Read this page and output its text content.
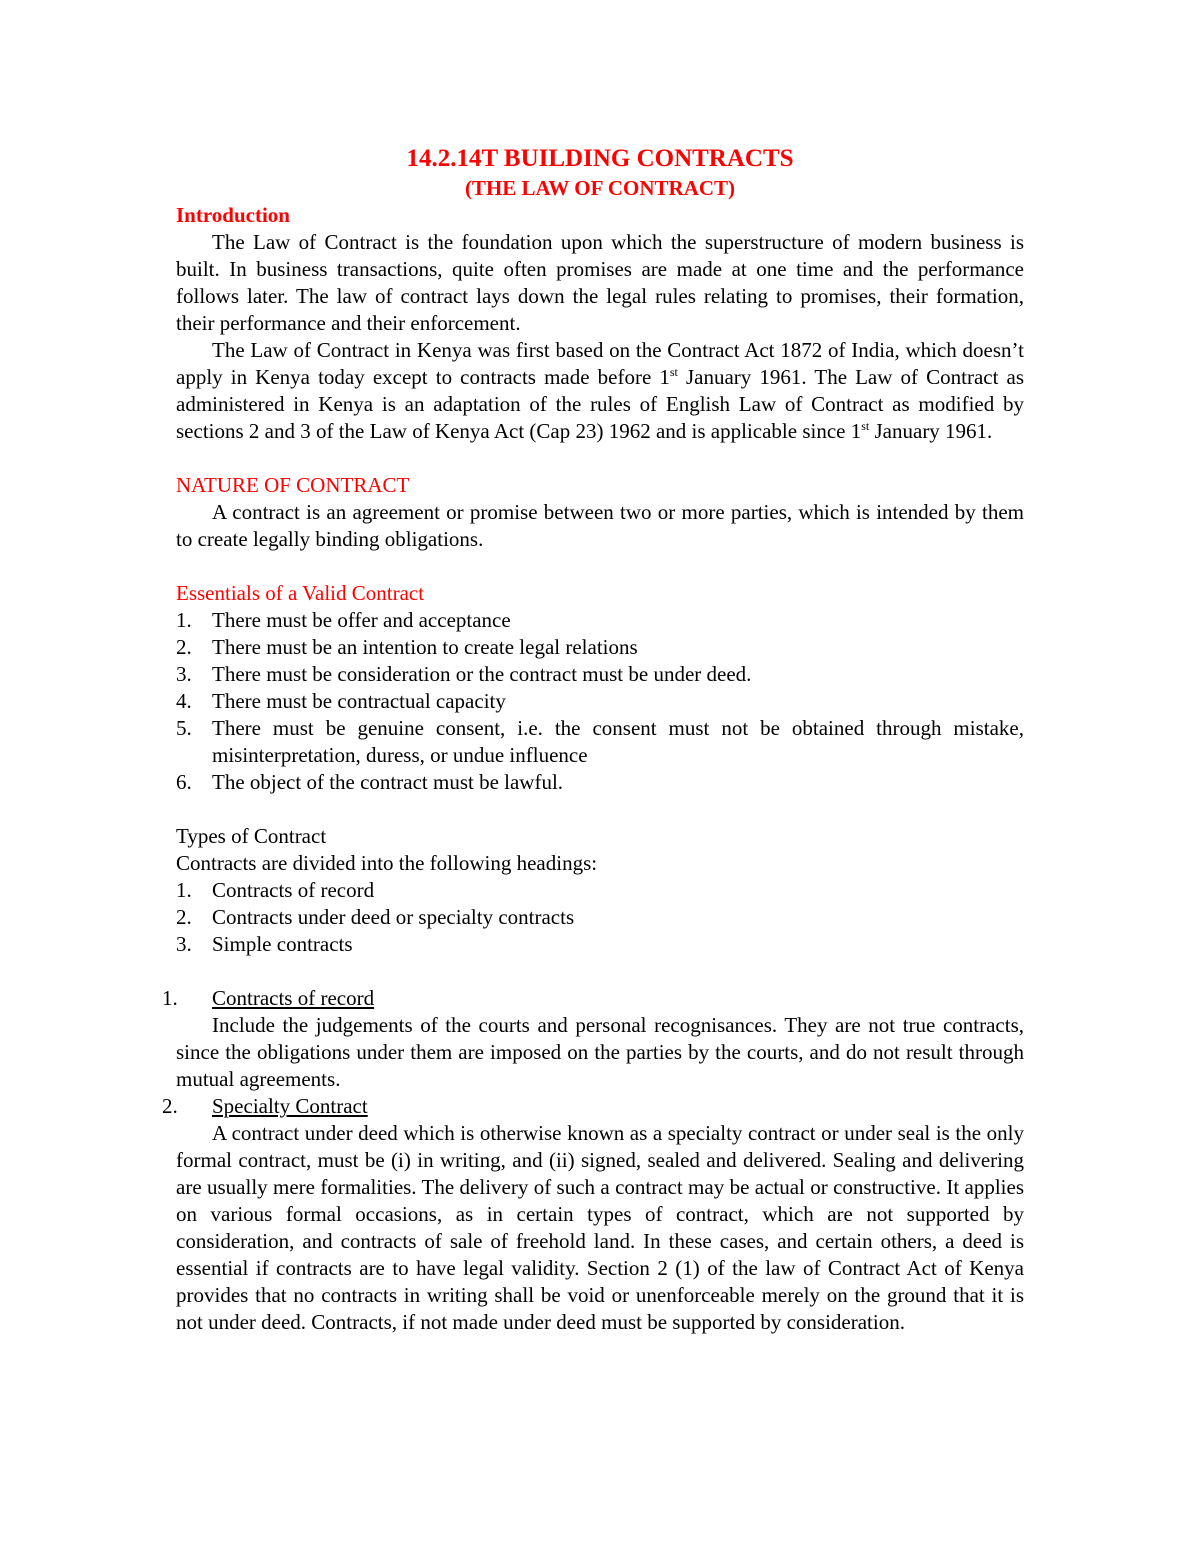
14.2.14T BUILDING CONTRACTS
(THE LAW OF CONTRACT)
Introduction

The Law of Contract is the foundation upon which the superstructure of modern business is built. In business transactions, quite often promises are made at one time and the performance follows later. The law of contract lays down the legal rules relating to promises, their formation, their performance and their enforcement.

The Law of Contract in Kenya was first based on the Contract Act 1872 of India, which doesn’t apply in Kenya today except to contracts made before 1st January 1961. The Law of Contract as administered in Kenya is an adaptation of the rules of English Law of Contract as modified by sections 2 and 3 of the Law of Kenya Act (Cap 23) 1962 and is applicable since 1st January 1961.

NATURE OF CONTRACT

A contract is an agreement or promise between two or more parties, which is intended by them to create legally binding obligations.

Essentials of a Valid Contract
1. There must be offer and acceptance
2. There must be an intention to create legal relations
3. There must be consideration or the contract must be under deed.
4. There must be contractual capacity
5. There must be genuine consent, i.e. the consent must not be obtained through mistake, misinterpretation, duress, or undue influence
6. The object of the contract must be lawful.
Types of Contract

Contracts are divided into the following headings:

1. Contracts of record
2. Contracts under deed or specialty contracts
3. Simple contracts
1. Contracts of record

Include the judgements of the courts and personal recognisances. They are not true contracts, since the obligations under them are imposed on the parties by the courts, and do not result through mutual agreements.

2. Specialty Contract

A contract under deed which is otherwise known as a specialty contract or under seal is the only formal contract, must be (i) in writing, and (ii) signed, sealed and delivered. Sealing and delivering are usually mere formalities. The delivery of such a contract may be actual or constructive. It applies on various formal occasions, as in certain types of contract, which are not supported by consideration, and contracts of sale of freehold land. In these cases, and certain others, a deed is essential if contracts are to have legal validity. Section 2 (1) of the law of Contract Act of Kenya provides that no contracts in writing shall be void or unenforceable merely on the ground that it is not under deed. Contracts, if not made under deed must be supported by consideration.
